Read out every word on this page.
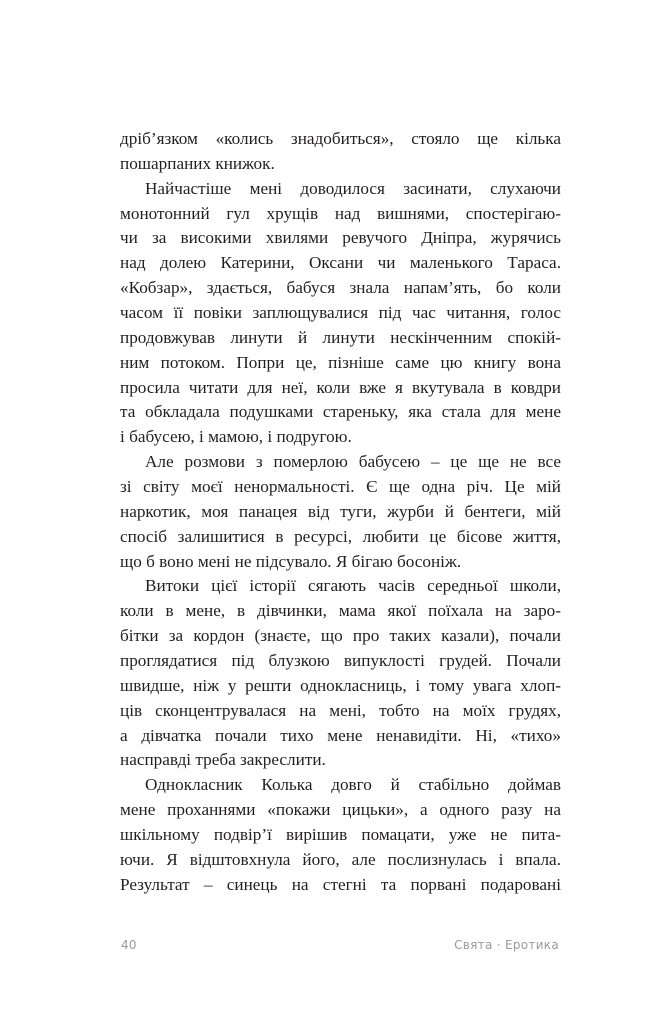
дріб’язком «колись знадобиться», стояло ще кілька
пошарпаних книжок.
Найчастіше мені доводилося засинати, слухаючи
монотонний гул хрущів над вишнями, спостерігаю-
чи за високими хвилями ревучого Дніпра, журячись
над долею Катерини, Оксани чи маленького Тараса.
«Кобзар», здається, бабуся знала напам’ять, бо коли
часом її повіки заплющувалися під час читання, голос
продовжував линути й линути нескінченним спокій-
ним потоком. Попри це, пізніше саме цю книгу вона
просила читати для неї, коли вже я вкутувала в ковдри
та обкладала подушками стареньку, яка стала для мене
і бабусею, і мамою, і подругою.
Але розмови з померлою бабусею – це ще не все
зі світу моєї ненормальності. Є ще одна річ. Це мій
наркотик, моя панацея від туги, журби й бентеги, мій
спосіб залишитися в ресурсі, любити це бісове життя,
що б воно мені не підсувало. Я бігаю босоніж.
Витоки цієї історії сягають часів середньої школи,
коли в мене, в дівчинки, мама якої поїхала на заро-
бітки за кордон (знаєте, що про таких казали), почали
проглядатися під блузкою випуклості грудей. Почали
швидше, ніж у решти однокласниць, і тому увага хлоп-
ців сконцентрувалася на мені, тобто на моїх грудях,
а дівчатка почали тихо мене ненавидіти. Ні, «тихо»
насправді треба закреслити.
Однокласник Колька довго й стабільно доймав
мене проханнями «покажи цицьки», а одного разу на
шкільному подвір’ї вирішив помацати, уже не пита-
ючи. Я відштовхнула його, але послизнулась і впала.
Результат – синець на стегні та порвані подаровані
40	Свята · Еротика
